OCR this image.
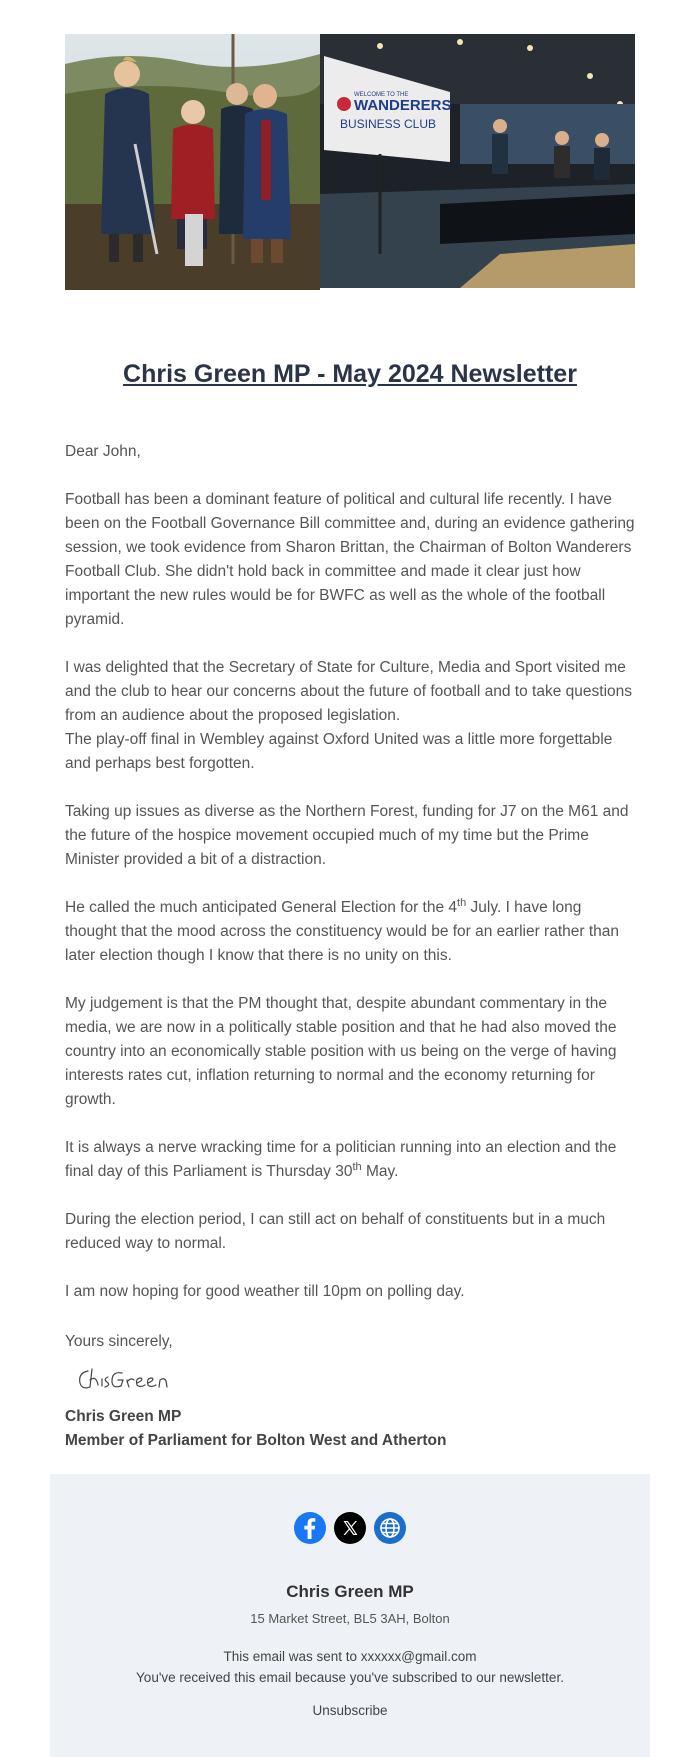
WELCOME TO THE
WANDERERS
BUSINESS CLUB
Chris Green MP - May 2024 Newsletter

Dear John,

Football has been a dominant feature of political and cultural life recently. I have been on the Football Governance Bill committee and, during an evidence gathering session, we took evidence from Sharon Brittan, the Chairman of Bolton Wanderers Football Club. She didn't hold back in committee and made it clear just how important the new rules would be for BWFC as well as the whole of the football pyramid.

I was delighted that the Secretary of State for Culture, Media and Sport visited me and the club to hear our concerns about the future of football and to take questions from an audience about the proposed legislation.
The play-off final in Wembley against Oxford United was a little more forgettable and perhaps best forgotten.

Taking up issues as diverse as the Northern Forest, funding for J7 on the M61 and the future of the hospice movement occupied much of my time but the Prime Minister provided a bit of a distraction.

He called the much anticipated General Election for the 4th July. I have long thought that the mood across the constituency would be for an earlier rather than later election though I know that there is no unity on this.

My judgement is that the PM thought that, despite abundant commentary in the media, we are now in a politically stable position and that he had also moved the country into an economically stable position with us being on the verge of having interests rates cut, inflation returning to normal and the economy returning for growth.

It is always a nerve wracking time for a politician running into an election and the final day of this Parliament is Thursday 30th May.

During the election period, I can still act on behalf of constituents but in a much reduced way to normal.

I am now hoping for good weather till 10pm on polling day.

Yours sincerely,
Chris Green MP
Member of Parliament for Bolton West and Atherton
Chris Green MP
15 Market Street, BL5 3AH, Bolton
This email was sent to xxxxxx@gmail.com
You've received this email because you've subscribed to our newsletter.
Unsubscribe
